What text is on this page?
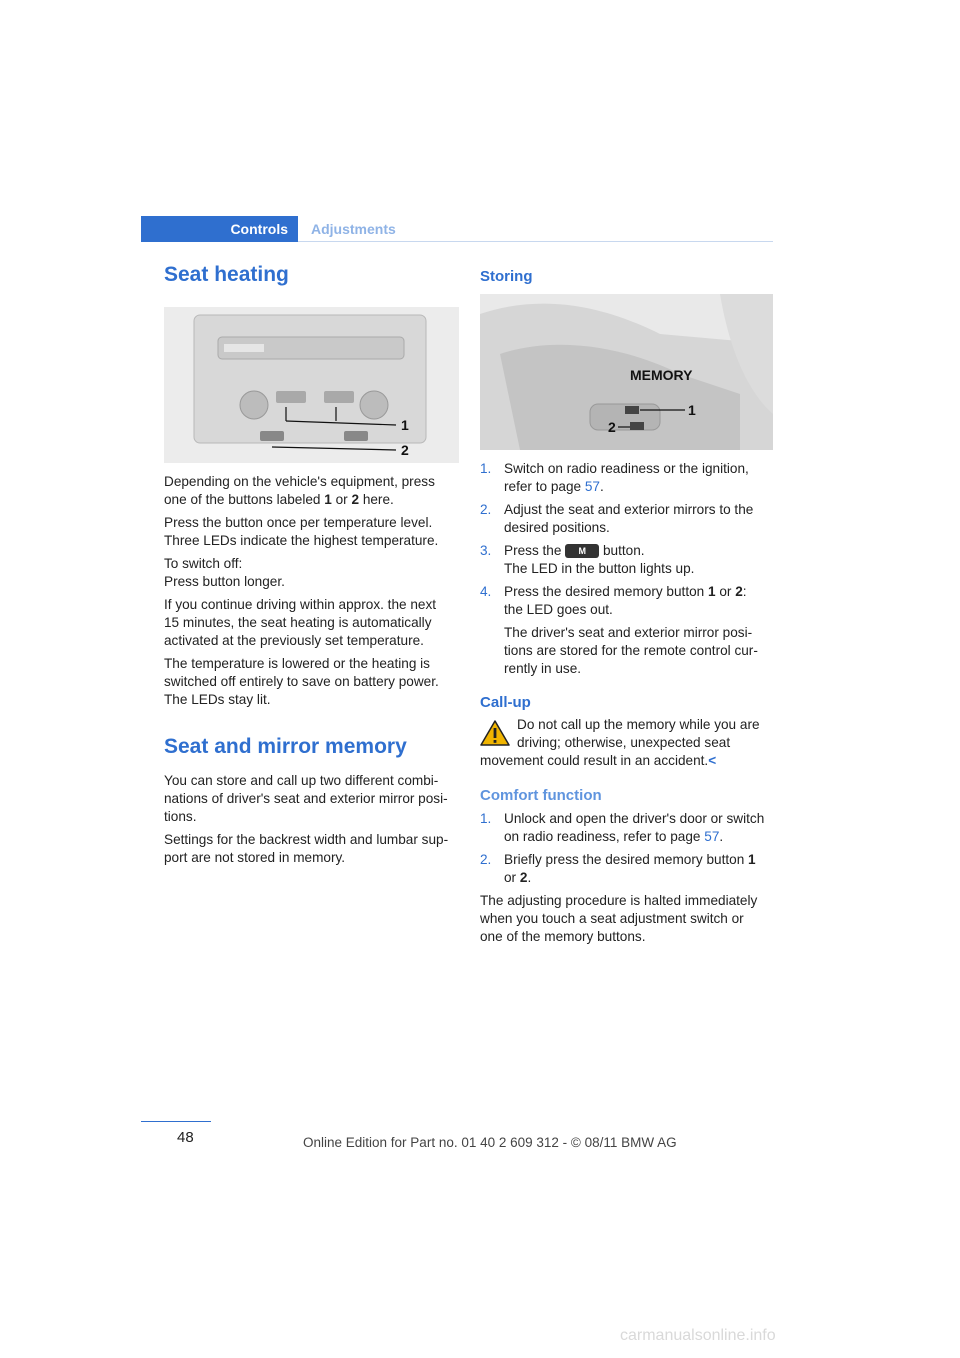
Controls Adjustments
Seat heating
1
2

Depending on the vehicle's equipment, press
one of the buttons labeled 1 or 2 here.

Press the button once per temperature level.
Three LEDs indicate the highest temperature.

To switch off:
Press button longer.

If you continue driving within approx. the next
15 minutes, the seat heating is automatically
activated at the previously set temperature.

The temperature is lowered or the heating is
switched off entirely to save on battery power.
The LEDs stay lit.

Seat and mirror memory

You can store and call up two different combi-
nations of driver's seat and exterior mirror posi-
tions.

Settings for the backrest width and lumbar sup-
port are not stored in memory.

Storing
MEMORY
1
2
1. Switch on radio readiness or the ignition,
refer to page 57.
2. Adjust the seat and exterior mirrors to the
desired positions.
3. Press the M button.
The LED in the button lights up.
4. Press the desired memory button 1 or 2:
the LED goes out.
The driver's seat and exterior mirror posi-
tions are stored for the remote control cur-
rently in use.
Call-up

Do not call up the memory while you are

driving; otherwise, unexpected seat

movement could result in an accident.<

Comfort function
1. Unlock and open the driver's door or switch
on radio readiness, refer to page 57.
2. Briefly press the desired memory button 1
or 2.

The adjusting procedure is halted immediately
when you touch a seat adjustment switch or
one of the memory buttons.

48	Online Edition for Part no. 01 40 2 609 312 - © 08/11 BMW AG
carmanualsonline.info
